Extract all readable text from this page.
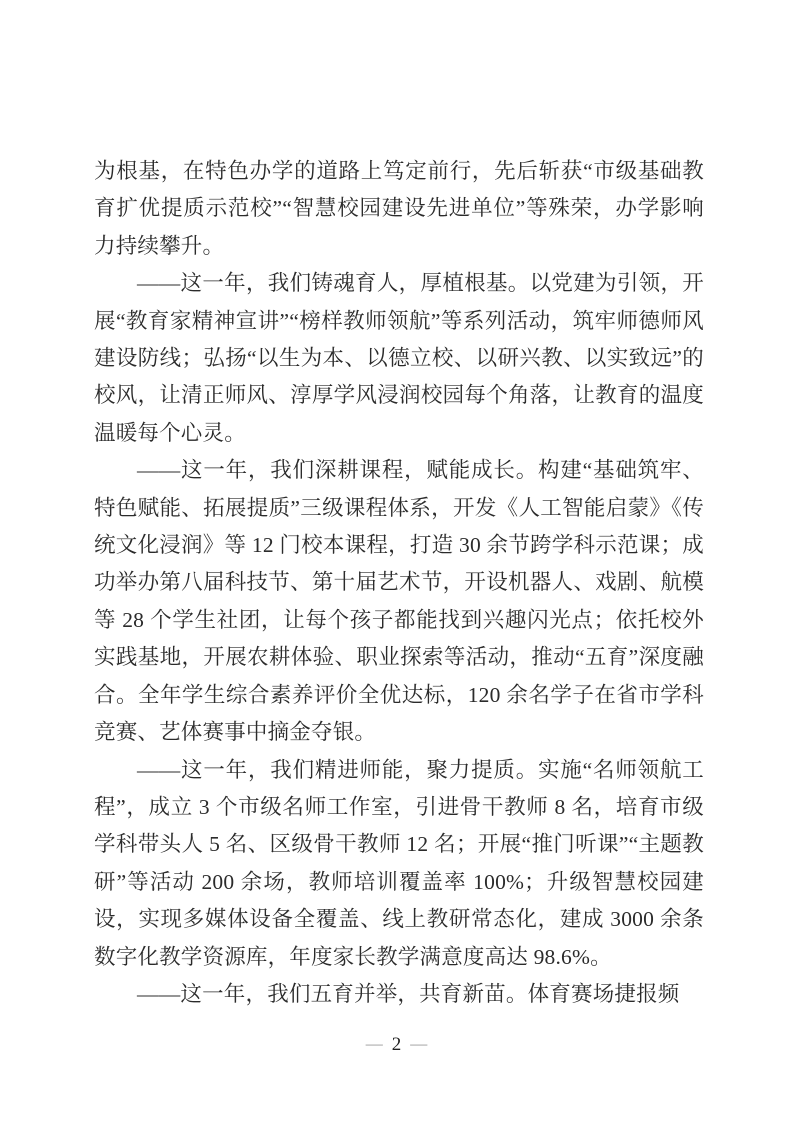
为根基，在特色办学的道路上笃定前行，先后斩获“市级基础教育扩优提质示范校”“智慧校园建设先进单位”等殊荣，办学影响力持续攀升。

——这一年，我们铸魂育人，厚植根基。以党建为引领，开展“教育家精神宣讲”“榜样教师领航”等系列活动，筑牢师德师风建设防线；弘扬“以生为本、以德立校、以研兴教、以实致远”的校风，让清正师风、淳厚学风浸润校园每个角落，让教育的温度温暖每个心灵。

——这一年，我们深耕课程，赋能成长。构建“基础筑牢、特色赋能、拓展提质”三级课程体系，开发《人工智能启蒙》《传统文化浸润》等 12 门校本课程，打造 30 余节跨学科示范课；成功举办第八届科技节、第十届艺术节，开设机器人、戏剧、航模等 28 个学生社团，让每个孩子都能找到兴趣闪光点；依托校外实践基地，开展农耕体验、职业探索等活动，推动“五育”深度融合。全年学生综合素养评价全优达标，120 余名学子在省市学科竞赛、艺体赛事中摘金夺银。

——这一年，我们精进师能，聚力提质。实施“名师领航工程”，成立 3 个市级名师工作室，引进骨干教师 8 名，培育市级学科带头人 5 名、区级骨干教师 12 名；开展“推门听课”“主题教研”等活动 200 余场，教师培训覆盖率 100%；升级智慧校园建设，实现多媒体设备全覆盖、线上教研常态化，建成 3000 余条数字化教学资源库，年度家长教学满意度高达 98.6%。

——这一年，我们五育并举，共育新苗。体育赛场捷报频

— 2 —
